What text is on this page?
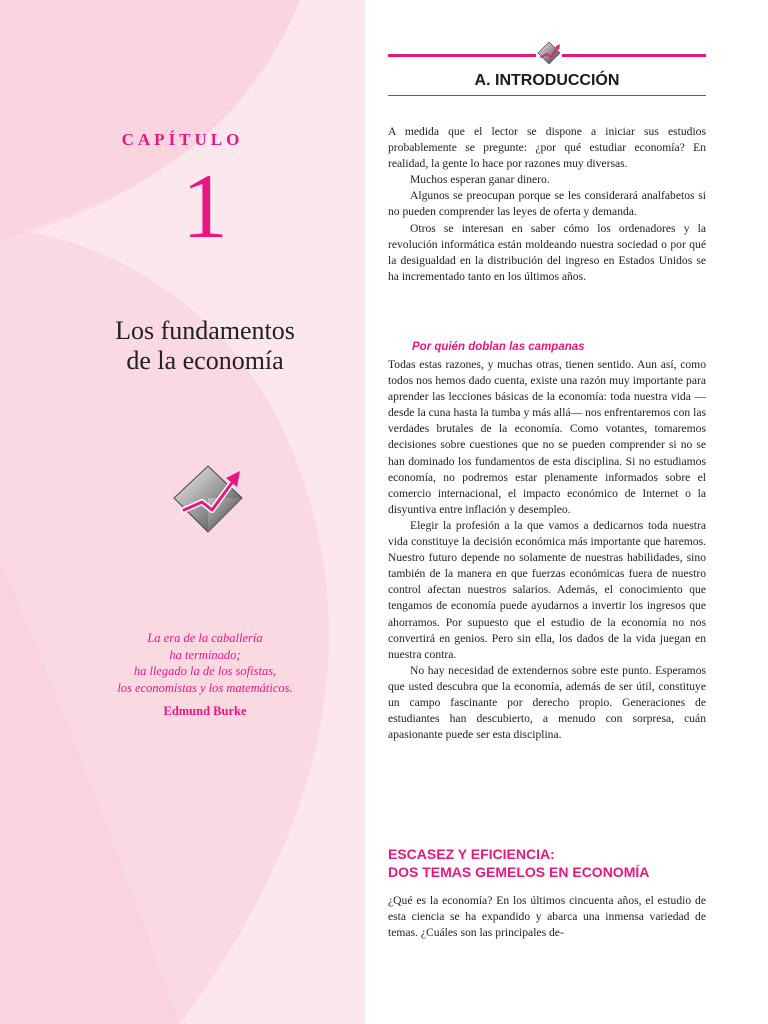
CAPÍTULO
1
Los fundamentos
de la economía
La era de la caballería
ha terminado;
ha llegado la de los sofistas,
los economistas y los matemáticos.
Edmund Burke
A. INTRODUCCIÓN

A medida que el lector se dispone a iniciar sus estudios probablemente se pregunte: ¿por qué estudiar economía? En realidad, la gente lo hace por razones muy diversas.

Muchos esperan ganar dinero.

Algunos se preocupan porque se les considerará analfabetos si no pueden comprender las leyes de oferta y demanda.

Otros se interesan en saber cómo los ordenadores y la revolución informática están moldeando nuestra sociedad o por qué la desigualdad en la distribución del ingreso en Estados Unidos se ha incrementado tanto en los últimos años.

Por quién doblan las campanas

Todas estas razones, y muchas otras, tienen sentido. Aun así, como todos nos hemos dado cuenta, existe una razón muy importante para aprender las lecciones básicas de la economía: toda nuestra vida —desde la cuna hasta la tumba y más allá— nos enfrentaremos con las verdades brutales de la economía. Como votantes, tomaremos decisiones sobre cuestiones que no se pueden comprender si no se han dominado los fundamentos de esta disciplina. Si no estudiamos economía, no podremos estar plenamente informados sobre el comercio internacional, el impacto económico de Internet o la disyuntiva entre inflación y desempleo.

Elegir la profesión a la que vamos a dedicarnos toda nuestra vida constituye la decisión económica más importante que haremos. Nuestro futuro depende no solamente de nuestras habilidades, sino también de la manera en que fuerzas económicas fuera de nuestro control afectan nuestros salarios. Además, el conocimiento que tengamos de economía puede ayudarnos a invertir los ingresos que ahorramos. Por supuesto que el estudio de la economía no nos convertirá en genios. Pero sin ella, los dados de la vida juegan en nuestra contra.

No hay necesidad de extendernos sobre este punto. Esperamos que usted descubra que la economía, además de ser útil, constituye un campo fascinante por derecho propio. Generaciones de estudiantes han descubierto, a menudo con sorpresa, cuán apasionante puede ser esta disciplina.

ESCASEZ Y EFICIENCIA:
DOS TEMAS GEMELOS EN ECONOMÍA

¿Qué es la economía? En los últimos cincuenta años, el estudio de esta ciencia se ha expandido y abarca una inmensa variedad de temas. ¿Cuáles son las principales de-
